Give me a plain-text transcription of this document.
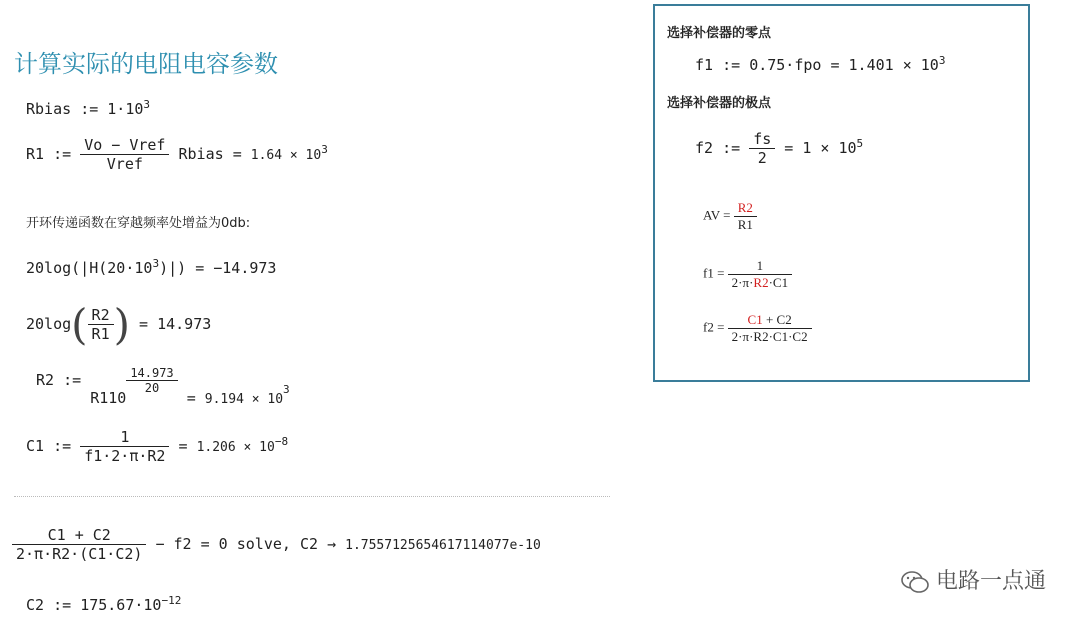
计算实际的电阻电容参数
Rbias := $1\cdot 10^3$
R1 := $\frac{\text{Vo − Vref}}{\text{Vref}}$ Rbias = $1.64 \times 10^3$
开环传递函数在穿越频率处增益为0db:
$20\log(|H(20\cdot 10^3)|) = -14.973$
$20\log( \frac{R2}{R1}$ ) = 14.973
R2 := R110
$\frac{14.973}{20}$
= 9.194 × 103
C1 := $\frac{1}{f1\cdot 2\cdot\pi\cdot R2} = 1.206 \times 10^{-8}$
$\frac{C1 + C2}{2\cdot\pi\cdot R2\cdot(C1\cdot C2)} - f2 = 0$ solve, C2 → 1.7557125654617114077e-10
C2 := $175.67\cdot 10^{-12}$
选择补偿器的零点
f1 := $0.75\cdot fpo = 1.401 \times 10^3$
选择补偿器的极点
f2 := $\frac{fs}{2} = 1 \times 10^5$
AV = $\frac{R2}{R1}$
$f1 = \frac{1}{2\cdot\pi\cdot R2\cdot C1}$
$f2 = \frac{C1 + C2}{2\cdot\pi\cdot R2\cdot C1\cdot C2}$
电路一点通
